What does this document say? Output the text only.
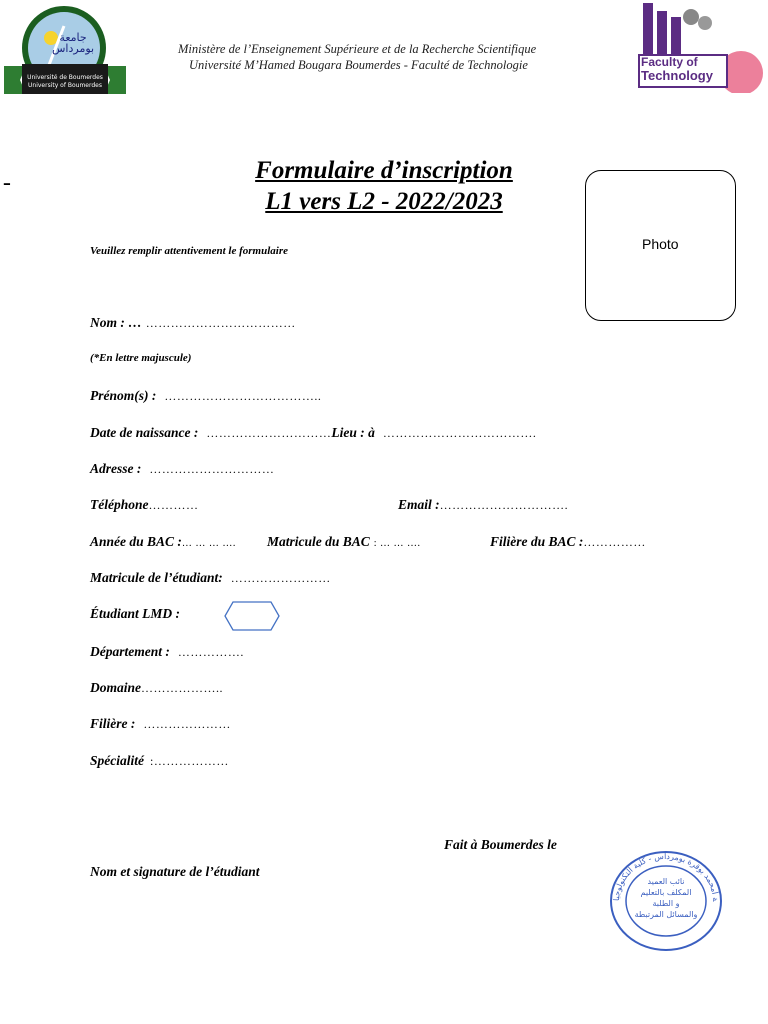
جامعة
بومرداس
Université de Boumerdes
University of Boumerdes
Ministère de l’Enseignement Supérieure et de la Recherche Scientifique
Université M’Hamed Bougara Boumerdes - Faculté de Technologie	Faculty of
Technology
ـ	Formulaire d’inscription
L1 vers L2 - 2022/2023
Photo
Veuillez remplir attentivement le formulaire
Nom : … ………………………………
(*En lettre majuscule)
Prénom(s) : ………………………………..
Date de naissance : …………………………Lieu : à ……………………………….
Adresse : …………………………
Téléphone…………	Email :………………………….
Année du BAC :… … … …. Matricule du BAC : … … ….	Filière du BAC :……………
Matricule de l’étudiant: ……………………
Étudiant LMD :
Département : …………….
Domaine………………..
Filière : …………………
Spécialité :………………
Fait à Boumerdes le
Nom et signature de l’étudiant
ة أمحمد بوقرة بومرداس - كلية التكنولوجيا
نائب العميد
المكلف بالتعليم
و الطلبة
والمسائل المرتبطة
